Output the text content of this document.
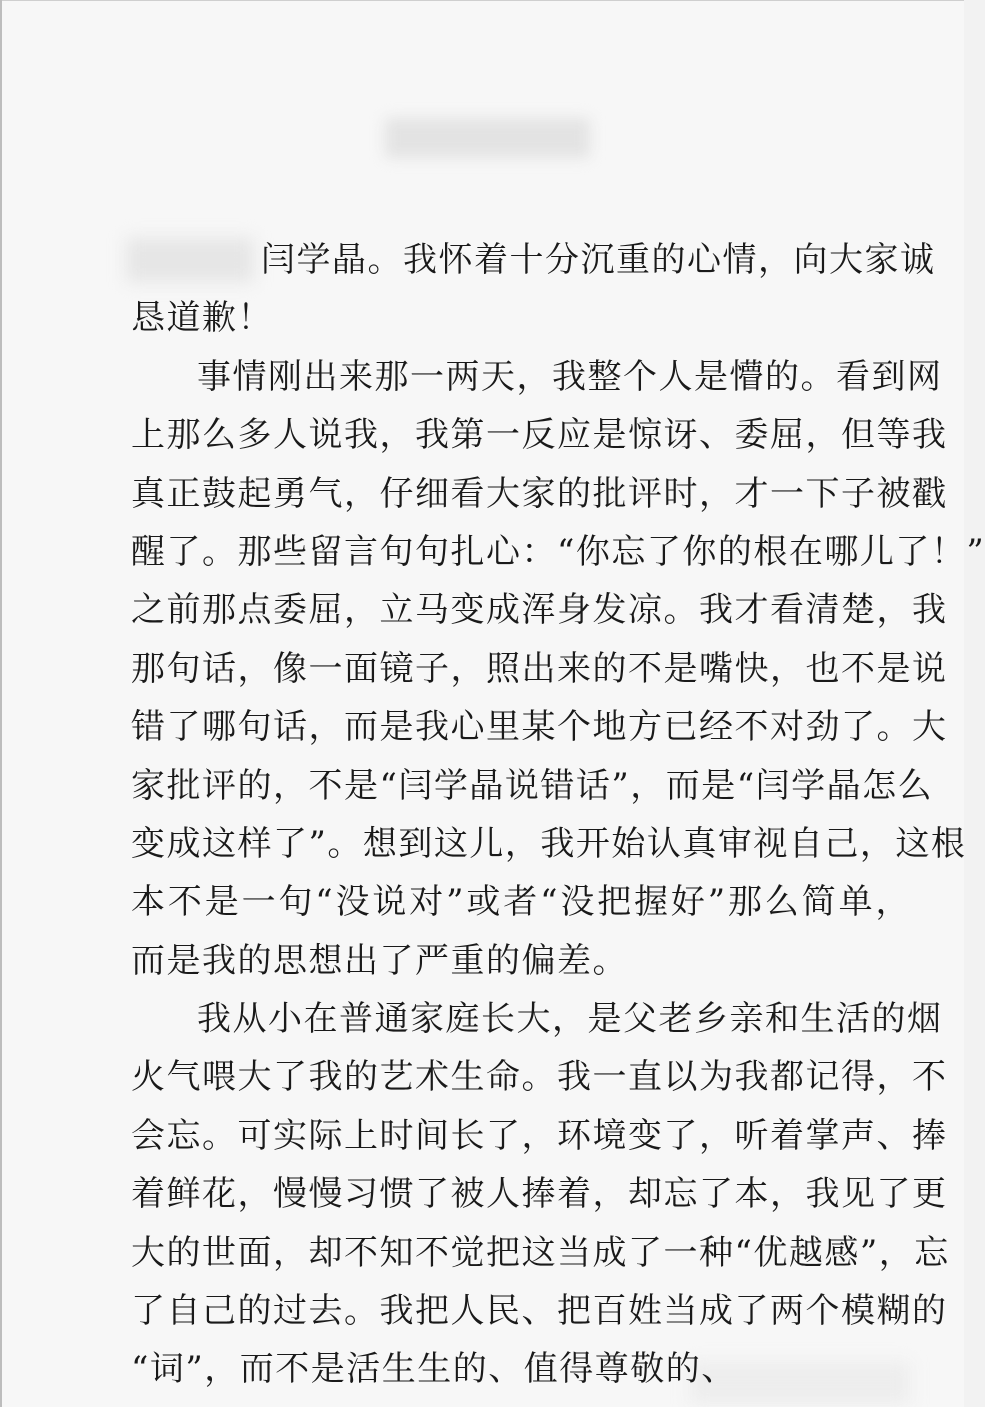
闫 学 晶 。 我 怀 着 十 分 沉 重 的 心 情 ， 向 大 家 诚
恳道歉！
事 情 刚 出 来 那 一 两 天 ， 我 整 个 人 是 懵 的 。 看 到 网
上 那 么 多 人 说 我 ， 我 第 一 反 应 是 惊 讶 、 委 屈 ， 但 等 我
真 正 鼓 起 勇 气 ， 仔 细 看 大 家 的 批 评 时 ， 才 一 下 子 被 戳
醒 了 。 那 些 留 言 句 句 扎 心 ： “ 你 忘 了 你 的 根 在 哪 儿 了 ！ ”
之 前 那 点 委 屈 ， 立 马 变 成 浑 身 发 凉 。 我 才 看 清 楚 ， 我
那 句 话 ， 像 一 面 镜 子 ， 照 出 来 的 不 是 嘴 快 ， 也 不 是 说
错 了 哪 句 话 ， 而 是 我 心 里 某 个 地 方 已 经 不 对 劲 了 。 大
家 批 评 的 ， 不 是 “ 闫 学 晶 说 错 话 ” ， 而 是 “ 闫 学 晶 怎 么
变 成 这 样 了 ” 。 想 到 这 儿 ， 我 开 始 认 真 审 视 自 己 ， 这 根
本 不 是 一 句 “ 没 说 对 ” 或 者 “ 没 把 握 好 ” 那 么 简 单 ，
而是我的思想出了严重的偏差。
我 从 小 在 普 通 家 庭 长 大 ， 是 父 老 乡 亲 和 生 活 的 烟
火 气 喂 大 了 我 的 艺 术 生 命 。 我 一 直 以 为 我 都 记 得 ， 不
会 忘 。 可 实 际 上 时 间 长 了 ， 环 境 变 了 ， 听 着 掌 声 、 捧
着 鲜 花 ， 慢 慢 习 惯 了 被 人 捧 着 ， 却 忘 了 本 ， 我 见 了 更
大 的 世 面 ， 却 不 知 不 觉 把 这 当 成 了 一 种 “ 优 越 感 ” ， 忘
了 自 己 的 过 去 。 我 把 人 民 、 把 百 姓 当 成 了 两 个 模 糊 的
“词”，而不是活生生的、值得尊敬的、
